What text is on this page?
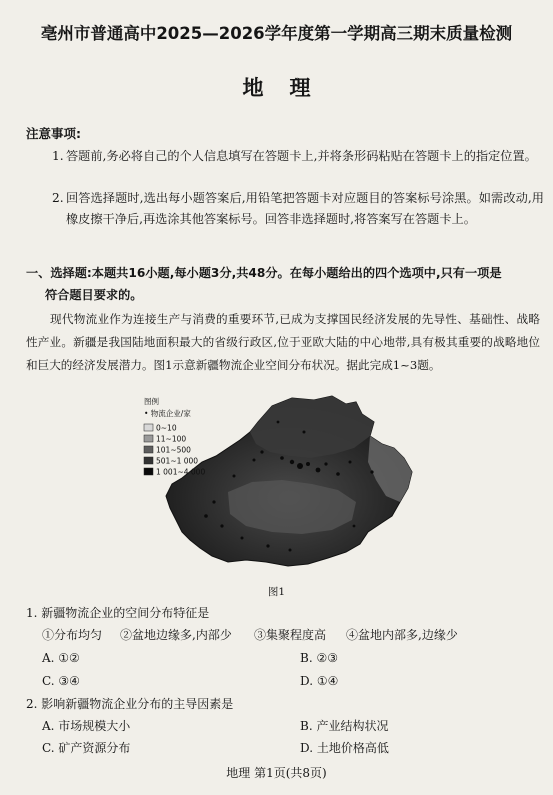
亳州市普通高中2025—2026学年度第一学期高三期末质量检测
地理
注意事项:
1. 答题前,务必将自己的个人信息填写在答题卡上,并将条形码粘贴在答题卡上的指定位置。
2. 回答选择题时,选出每小题答案后,用铅笔把答题卡对应题目的答案标号涂黑。如需改动,用橡皮擦干净后,再选涂其他答案标号。回答非选择题时,将答案写在答题卡上。
一、选择题:本题共16小题,每小题3分,共48分。在每小题给出的四个选项中,只有一项是
符合题目要求的。
现代物流业作为连接生产与消费的重要环节,已成为支撑国民经济发展的先导性、基础性、战略性产业。新疆是我国陆地面积最大的省级行政区,位于亚欧大陆的中心地带,具有极其重要的战略地位和巨大的经济发展潜力。图1示意新疆物流企业空间分布状况。据此完成1~3题。
图例
• 物流企业/家
0~10
11~100
101~500
501~1 000
1 001~4 000
图1
1. 新疆物流企业的空间分布特征是
①分布均匀 ②盆地边缘多,内部少 ③集聚程度高 ④盆地内部多,边缘少
A. ①②	B. ②③
C. ③④	D. ①④
2. 影响新疆物流企业分布的主导因素是
A. 市场规模大小	B. 产业结构状况
C. 矿产资源分布	D. 土地价格高低
地理 第1页(共8页)
